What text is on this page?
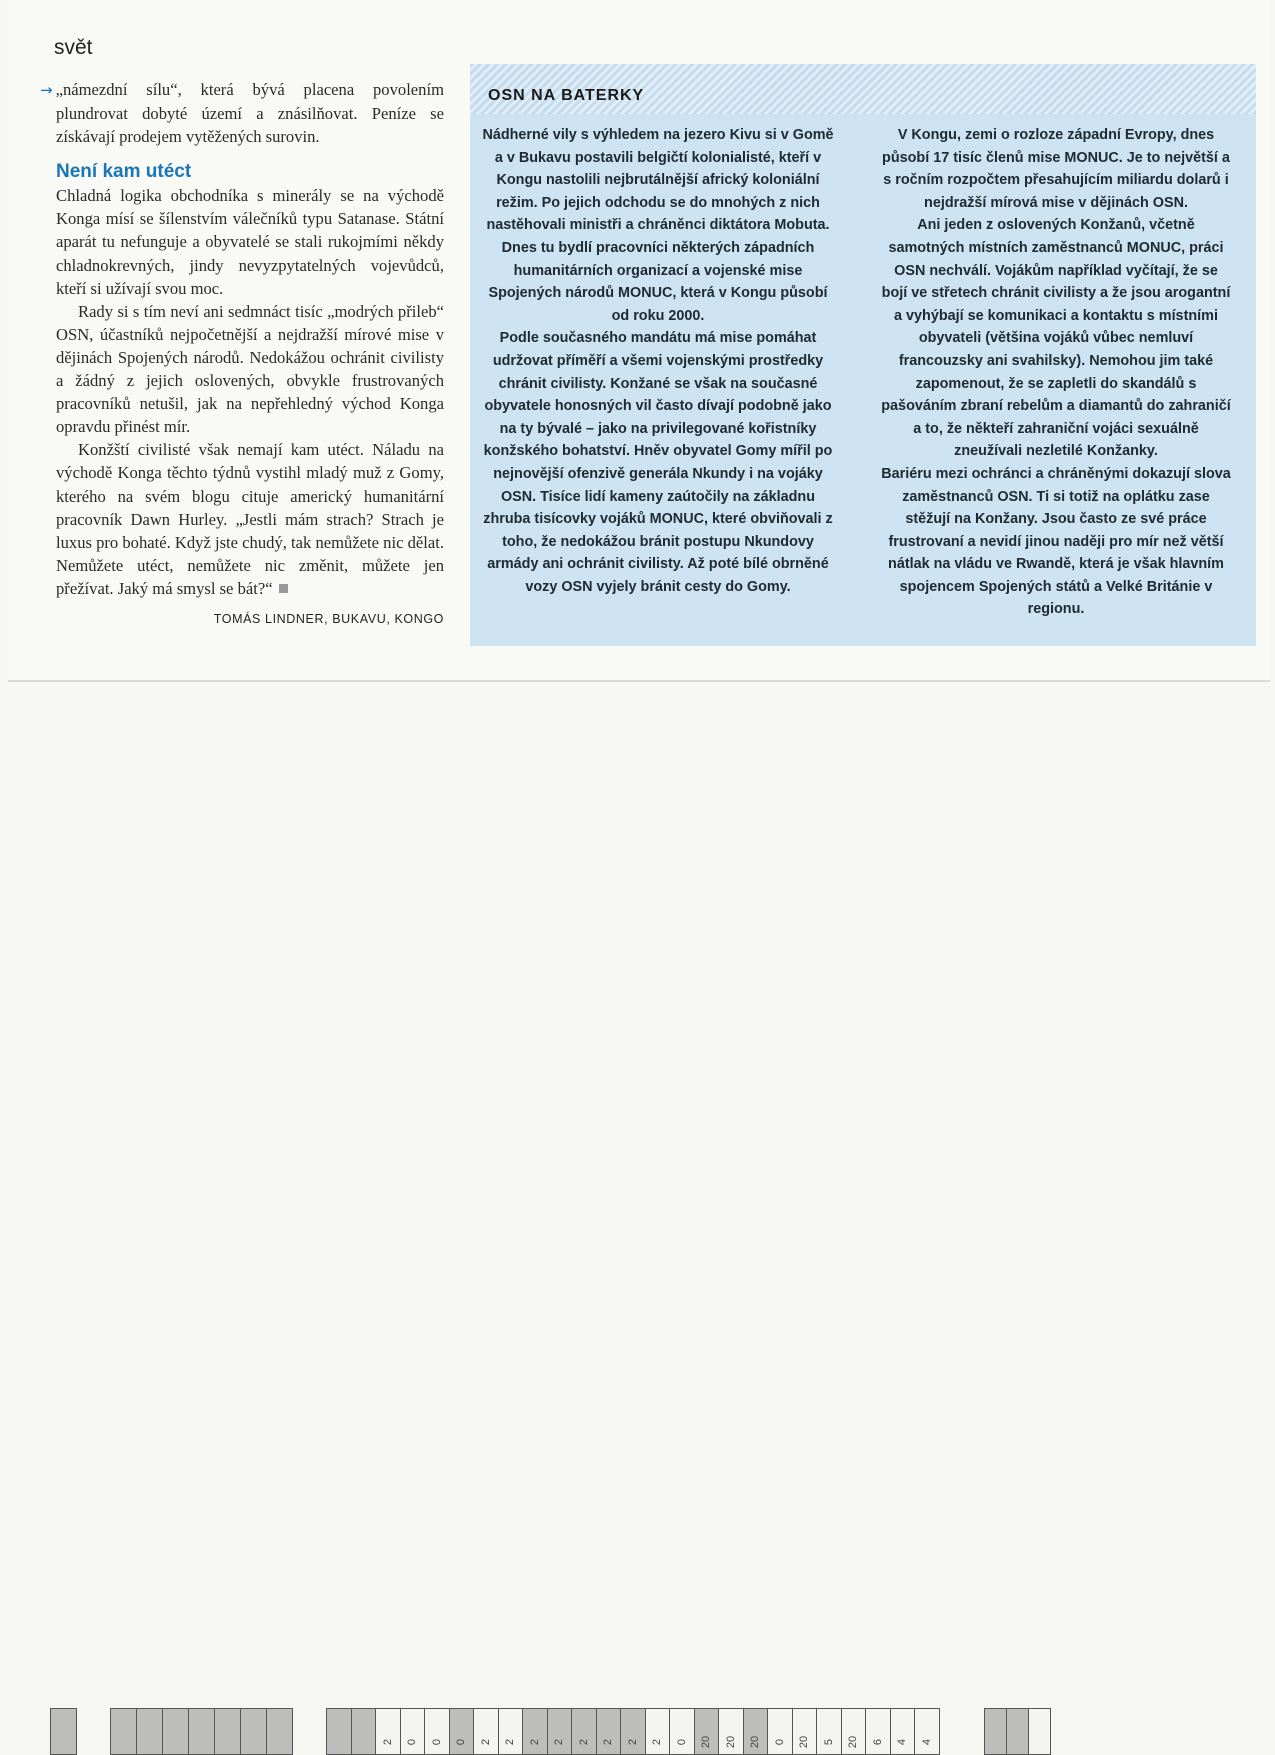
svět

→ „námezdní sílu“, která bývá placena povolením plundrovat dobyté území a znásilňovat. Peníze se získávají prodejem vytěžených surovin.

Není kam utéct

Chladná logika obchodníka s minerály se na východě Konga mísí se šílenstvím válečníků typu Satanase. Státní aparát tu nefunguje a obyvatelé se stali rukojmími někdy chladnokrevných, jindy nevyzpytatelných vojevůdců, kteří si užívají svou moc.

Rady si s tím neví ani sedmnáct tisíc „modrých přileb“ OSN, účastníků nejpočetnější a nejdražší mírové mise v dějinách Spojených národů. Nedokážou ochránit civilisty a žádný z jejich oslovených, obvykle frustrovaných pracovníků netušil, jak na nepřehledný východ Konga opravdu přinést mír.

Konžští civilisté však nemají kam utéct. Náladu na východě Konga těchto týdnů vystihl mladý muž z Gomy, kterého na svém blogu cituje americký humanitární pracovník Dawn Hurley. „Jestli mám strach? Strach je luxus pro bohaté. Když jste chudý, tak nemůžete nic dělat. Nemůžete utéct, nemůžete nic změnit, můžete jen přežívat. Jaký má smysl se bát?“

TOMÁS LINDNER, BUKAVU, KONGO
OSN NA BATERKY

Nádherné vily s výhledem na jezero Kivu si v Gomě a v Bukavu postavili belgičtí kolonialisté, kteří v Kongu nastolili nejbrutálnější africký koloniální režim. Po jejich odchodu se do mnohých z nich nastěhovali ministři a chráněnci diktátora Mobuta. Dnes tu bydlí pracovníci některých západních humanitárních organizací a vojenské mise Spojených národů MONUC, která v Kongu působí od roku 2000.

Podle současného mandátu má mise pomáhat udržovat příměří a všemi vojenskými prostředky chránit civilisty. Konžané se však na současné obyvatele honosných vil často dívají podobně jako na ty bývalé – jako na privilegované kořistníky konžského bohatství. Hněv obyvatel Gomy mířil po nejnovější ofenzivě generála Nkundy i na vojáky OSN. Tisíce lidí kameny zaútočily na základnu zhruba tisícovky vojáků MONUC, které obviňovali z toho, že nedokážou bránit postupu Nkundovy armády ani ochránit civilisty. Až poté bílé obrněné vozy OSN vyjely bránit cesty do Gomy.

V Kongu, zemi o rozloze západní Evropy, dnes působí 17 tisíc členů mise MONUC. Je to největší a s ročním rozpočtem přesahujícím miliardu dolarů i nejdražší mírová mise v dějinách OSN.

Ani jeden z oslovených Konžanů, včetně samotných místních zaměstnanců MONUC, práci OSN nechválí. Vojákům například vyčítají, že se bojí ve střetech chránit civilisty a že jsou arogantní a vyhýbají se komunikaci a kontaktu s místními obyvateli (většina vojáků vůbec nemluví francouzsky ani svahilsky). Nemohou jim také zapomenout, že se zapletli do skandálů s pašováním zbraní rebelům a diamantů do zahraničí a to, že někteří zahraniční vojáci sexuálně zneužívali nezletilé Konžanky.

Bariéru mezi ochránci a chráněnými dokazují slova zaměstnanců OSN. Ti si totiž na oplátku zase stěžují na Konžany. Jsou často ze své práce frustrovaní a nevidí jinou naději pro mír než větší nátlak na vládu ve Rwandě, která je však hlavním spojencem Spojených států a Velké Británie v regionu.

2 0 0 0 2 2 2 2 2 2 2 2 0 20 20 20 0 20 5 20 6 4 4
